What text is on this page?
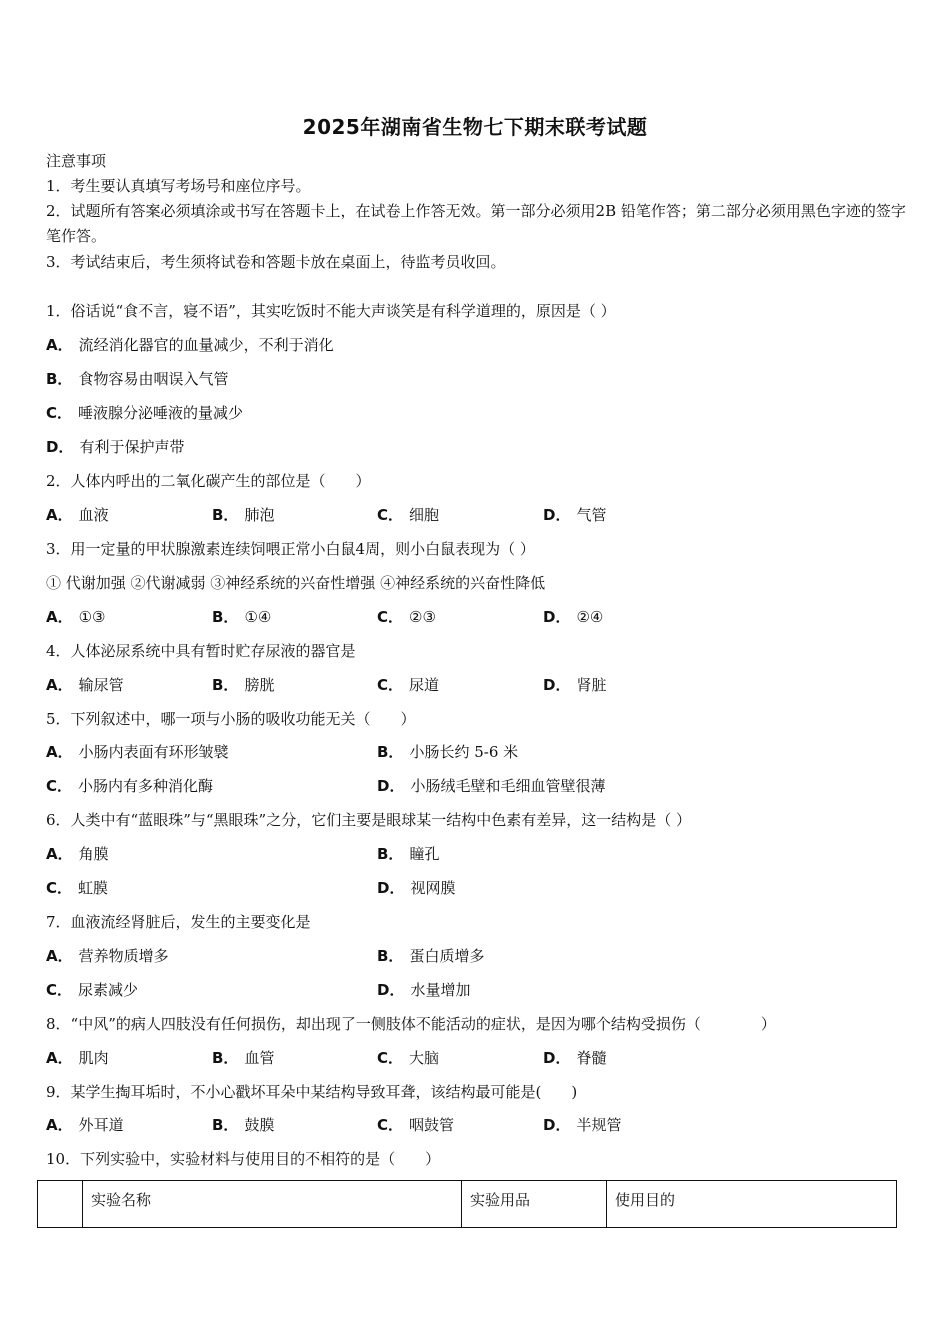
2025年湖南省生物七下期末联考试题
注意事项
1．考生要认真填写考场号和座位序号。
2．试题所有答案必须填涂或书写在答题卡上，在试卷上作答无效。第一部分必须用2B 铅笔作答；第二部分必须用黑色字迹的签字笔作答。
3．考试结束后，考生须将试卷和答题卡放在桌面上，待监考员收回。
1．俗话说“食不言，寝不语”，其实吃饭时不能大声谈笑是有科学道理的，原因是（ ）
A． 流经消化器官的血量减少，不利于消化
B． 食物容易由咽误入气管
C． 唾液腺分泌唾液的量减少
D． 有利于保护声带
2．人体内呼出的二氧化碳产生的部位是（　　）
A． 血液	B． 肺泡	C． 细胞	D． 气管
3．用一定量的甲状腺激素连续饲喂正常小白鼠4周，则小白鼠表现为（ ）
① 代谢加强 ②代谢减弱 ③神经系统的兴奋性增强 ④神经系统的兴奋性降低
A． ①③	B． ①④	C． ②③	D． ②④
4．人体泌尿系统中具有暂时贮存尿液的器官是
A． 输尿管	B． 膀胱	C． 尿道	D． 肾脏
5．下列叙述中，哪一项与小肠的吸收功能无关（　　）
A． 小肠内表面有环形皱襞	B． 小肠长约 5-6 米
C． 小肠内有多种消化酶	D． 小肠绒毛壁和毛细血管壁很薄
6．人类中有“蓝眼珠”与“黑眼珠”之分，它们主要是眼球某一结构中色素有差异，这一结构是（ ）
A． 角膜	B． 瞳孔
C． 虹膜	D． 视网膜
7．血液流经肾脏后，发生的主要变化是
A． 营养物质增多	B． 蛋白质增多
C． 尿素减少	D． 水量增加
8．“中风”的病人四肢没有任何损伤，却出现了一侧肢体不能活动的症状，是因为哪个结构受损伤（　　　　）
A． 肌肉	B． 血管	C． 大脑	D． 脊髓
9．某学生掏耳垢时，不小心戳坏耳朵中某结构导致耳聋，该结构最可能是(　　)
A． 外耳道	B． 鼓膜	C． 咽鼓管	D． 半规管
10．下列实验中，实验材料与使用目的不相符的是（　　）
	实验名称	实验用品	使用目的
